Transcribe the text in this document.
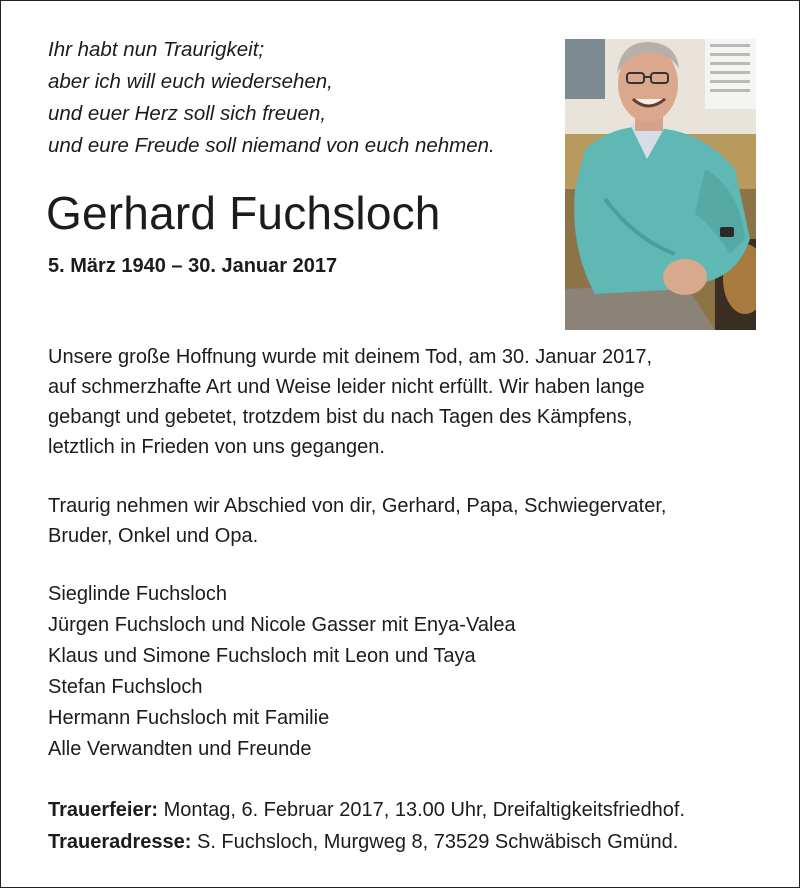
Ihr habt nun Traurigkeit;
aber ich will euch wiedersehen,
und euer Herz soll sich freuen,
und eure Freude soll niemand von euch nehmen.
Gerhard Fuchsloch
5. März 1940 – 30. Januar 2017
Unsere große Hoffnung wurde mit deinem Tod, am 30. Januar 2017,
auf schmerzhafte Art und Weise leider nicht erfüllt. Wir haben lange
gebangt und gebetet, trotzdem bist du nach Tagen des Kämpfens,
letztlich in Frieden von uns gegangen.
Traurig nehmen wir Abschied von dir, Gerhard, Papa, Schwiegervater,
Bruder, Onkel und Opa.
Sieglinde Fuchsloch
Jürgen Fuchsloch und Nicole Gasser mit Enya-Valea
Klaus und Simone Fuchsloch mit Leon und Taya
Stefan Fuchsloch
Hermann Fuchsloch mit Familie
Alle Verwandten und Freunde
Trauerfeier: Montag, 6. Februar 2017, 13.00 Uhr, Dreifaltigkeitsfriedhof.
Traueradresse: S. Fuchsloch, Murgweg 8, 73529 Schwäbisch Gmünd.
